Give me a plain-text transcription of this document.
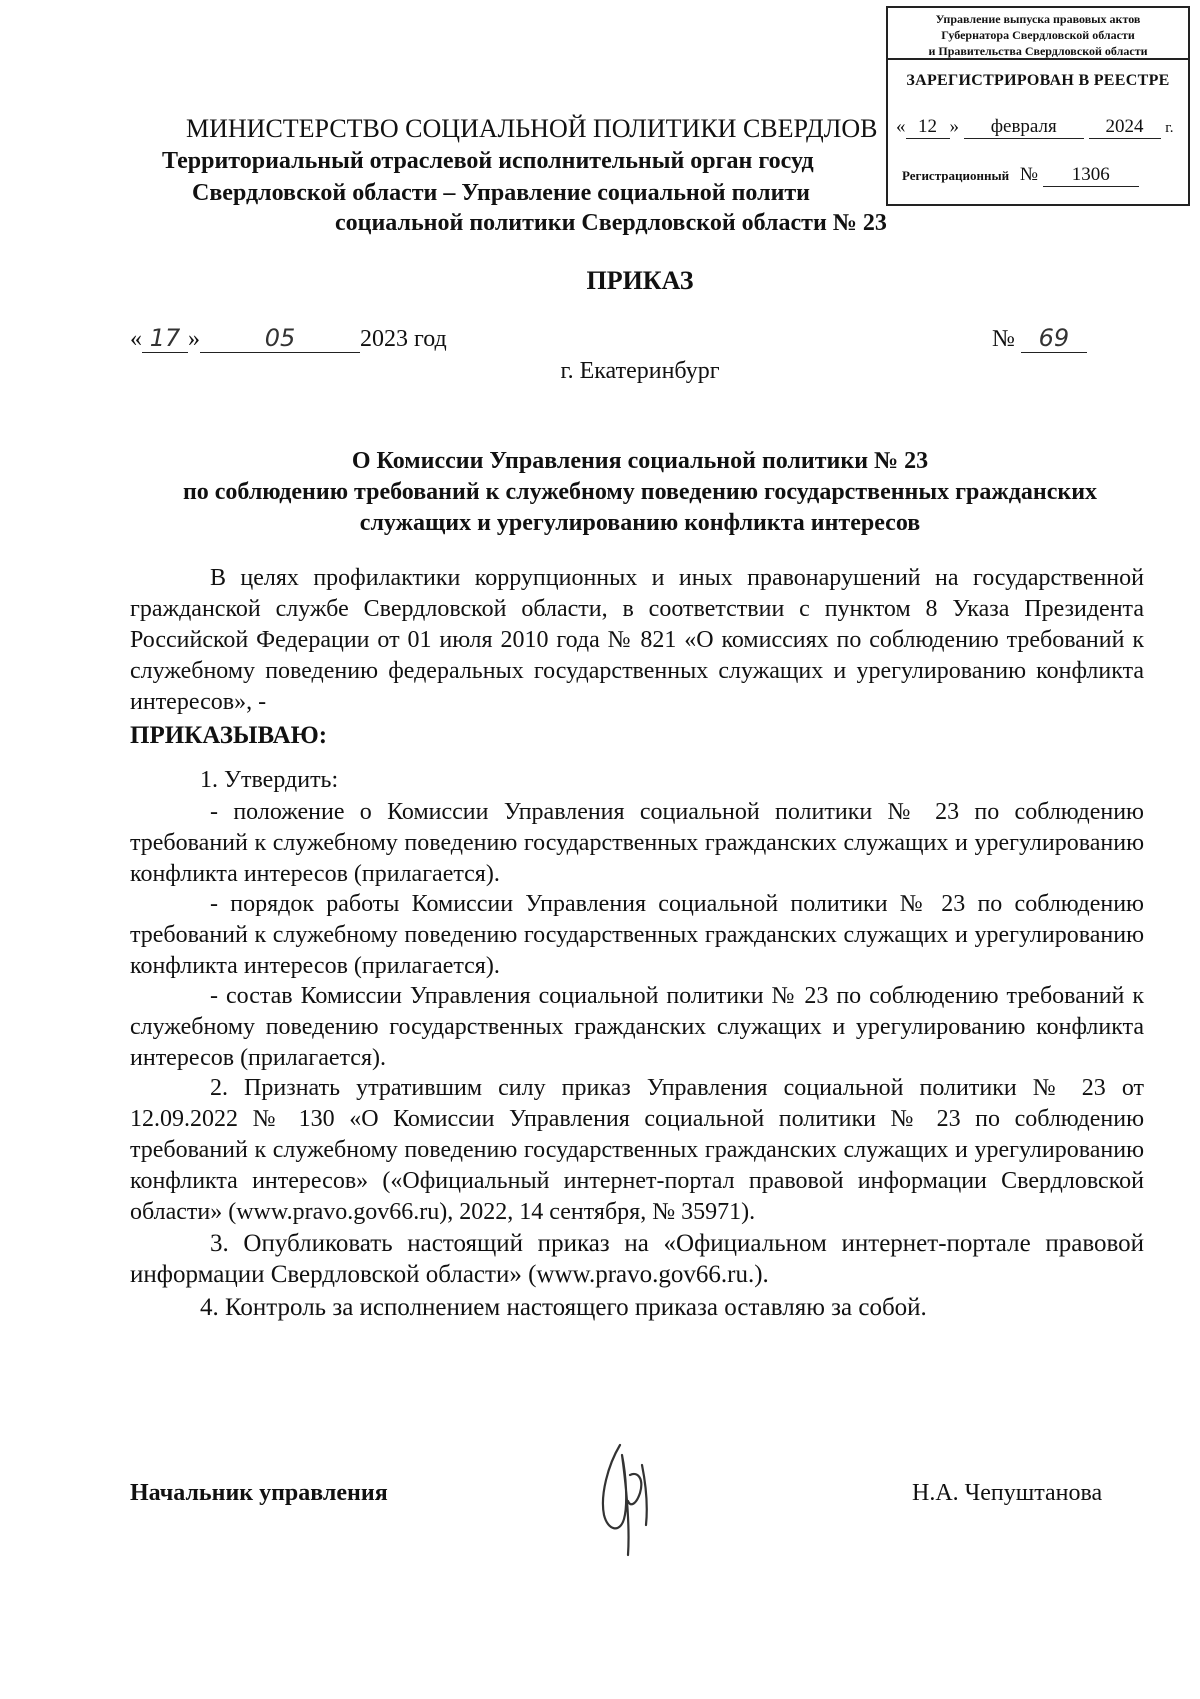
Управление выпуска правовых актов
Губернатора Свердловской области
и Правительства Свердловской области
ЗАРЕГИСТРИРОВАН В РЕЕСТРЕ
« 12 » февраля	2024 г.
Регистрационный № 1306
МИНИСТЕРСТВО СОЦИАЛЬНОЙ ПОЛИТИКИ СВЕРДЛОВ
Территориальный отраслевой исполнительный орган госуд
Свердловской области – Управление социальной полити
социальной политики Свердловской области № 23
ПРИКАЗ
« 17 »	05	2023 год	№ 69
г. Екатеринбург
О Комиссии Управления социальной политики № 23
по соблюдению требований к служебному поведению государственных гражданских
служащих и урегулированию конфликта интересов
В целях профилактики коррупционных и иных правонарушений на государственной гражданской службе Свердловской области, в соответствии с пунктом 8 Указа Президента Российской Федерации от 01 июля 2010 года № 821 «О комиссиях по соблюдению требований к служебному поведению федеральных государственных служащих и урегулированию конфликта интересов», -
ПРИКАЗЫВАЮ:
1. Утвердить:
- положение о Комиссии Управления социальной политики № 23 по соблюдению требований к служебному поведению государственных гражданских служащих и урегулированию конфликта интересов (прилагается).
- порядок работы Комиссии Управления социальной политики № 23 по соблюдению требований к служебному поведению государственных гражданских служащих и урегулированию конфликта интересов (прилагается).
- состав Комиссии Управления социальной политики № 23 по соблюдению требований к служебному поведению государственных гражданских служащих и урегулированию конфликта интересов (прилагается).
2. Признать утратившим силу приказ Управления социальной политики № 23 от 12.09.2022 № 130 «О Комиссии Управления социальной политики № 23 по соблюдению требований к служебному поведению государственных гражданских служащих и урегулированию конфликта интересов» («Официальный интернет-портал правовой информации Свердловской области» (www.pravo.gov66.ru), 2022, 14 сентября, № 35971).
3. Опубликовать настоящий приказ на «Официальном интернет-портале правовой информации Свердловской области» (www.pravo.gov66.ru.).
4. Контроль за исполнением настоящего приказа оставляю за собой.
Начальник управления	Н.А. Чепуштанова
